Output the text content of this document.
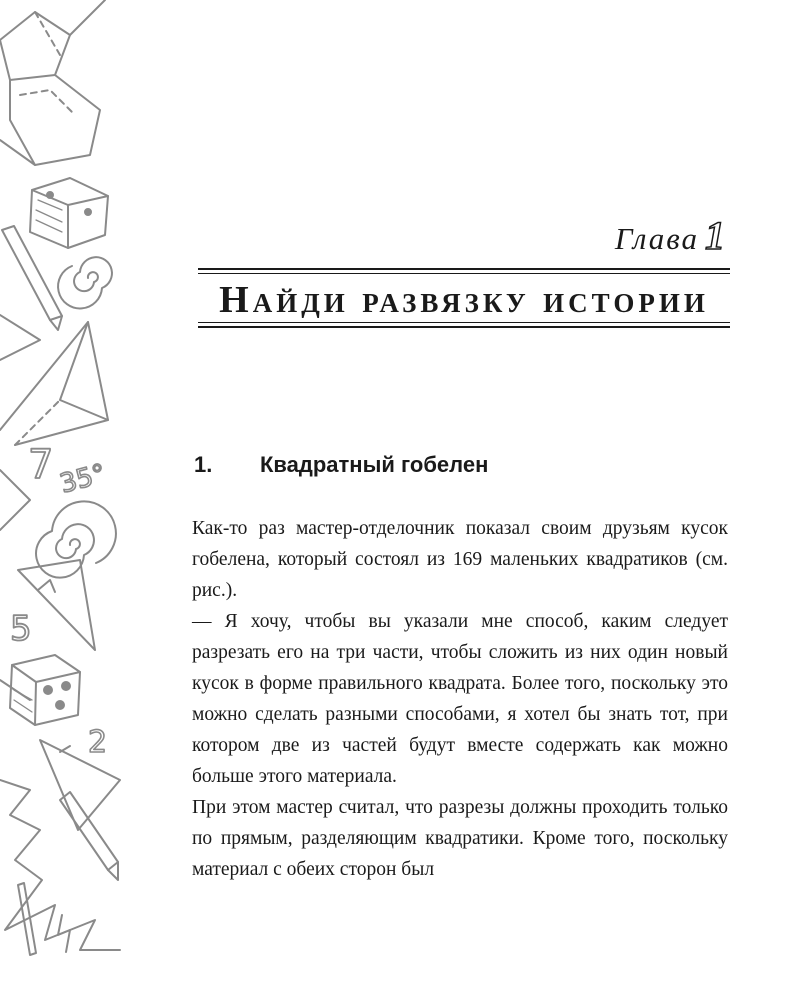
7 35°
5
2
Глава 1
Найди развязку истории
1. Квадратный гобелен

Как-то раз мастер-отделочник показал своим друзьям кусок гобелена, который состоял из 169 маленьких квадратиков (см. рис.).

— Я хочу, чтобы вы указали мне способ, каким следует разрезать его на три части, чтобы сложить из них один новый кусок в форме правильного квадрата. Более того, поскольку это можно сделать разными способами, я хотел бы знать тот, при котором две из частей будут вместе содержать как можно больше этого материала.

При этом мастер считал, что разрезы должны проходить только по прямым, разделяющим квадратики. Кроме того, поскольку материал с обеих сторон был
